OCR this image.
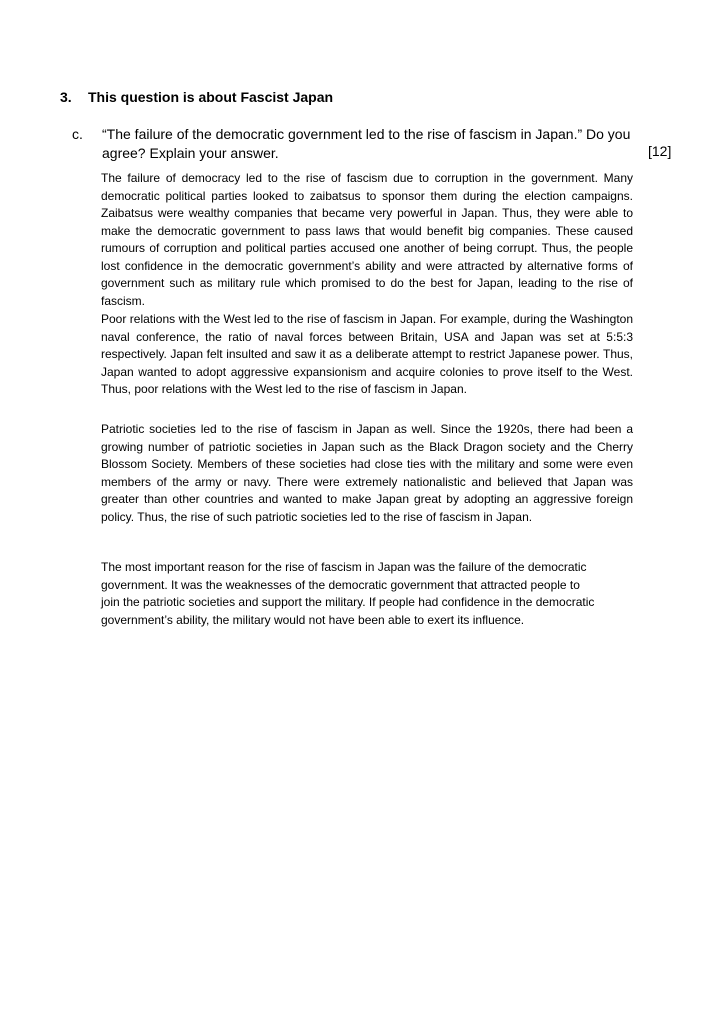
3. This question is about Fascist Japan
c. “The failure of the democratic government led to the rise of fascism in Japan.” Do you agree? Explain your answer.	[12]
The failure of democracy led to the rise of fascism due to corruption in the government. Many democratic political parties looked to zaibatsus to sponsor them during the election campaigns. Zaibatsus were wealthy companies that became very powerful in Japan. Thus, they were able to make the democratic government to pass laws that would benefit big companies. These caused rumours of corruption and political parties accused one another of being corrupt. Thus, the people lost confidence in the democratic government’s ability and were attracted by alternative forms of government such as military rule which promised to do the best for Japan, leading to the rise of fascism.
Poor relations with the West led to the rise of fascism in Japan. For example, during the Washington naval conference, the ratio of naval forces between Britain, USA and Japan was set at 5:5:3 respectively. Japan felt insulted and saw it as a deliberate attempt to restrict Japanese power. Thus, Japan wanted to adopt aggressive expansionism and acquire colonies to prove itself to the West. Thus, poor relations with the West led to the rise of fascism in Japan.
Patriotic societies led to the rise of fascism in Japan as well. Since the 1920s, there had been a growing number of patriotic societies in Japan such as the Black Dragon society and the Cherry Blossom Society. Members of these societies had close ties with the military and some were even members of the army or navy. There were extremely nationalistic and believed that Japan was greater than other countries and wanted to make Japan great by adopting an aggressive foreign policy. Thus, the rise of such patriotic societies led to the rise of fascism in Japan.
The most important reason for the rise of fascism in Japan was the failure of the democratic government. It was the weaknesses of the democratic government that attracted people to join the patriotic societies and support the military. If people had confidence in the democratic government’s ability, the military would not have been able to exert its influence.
